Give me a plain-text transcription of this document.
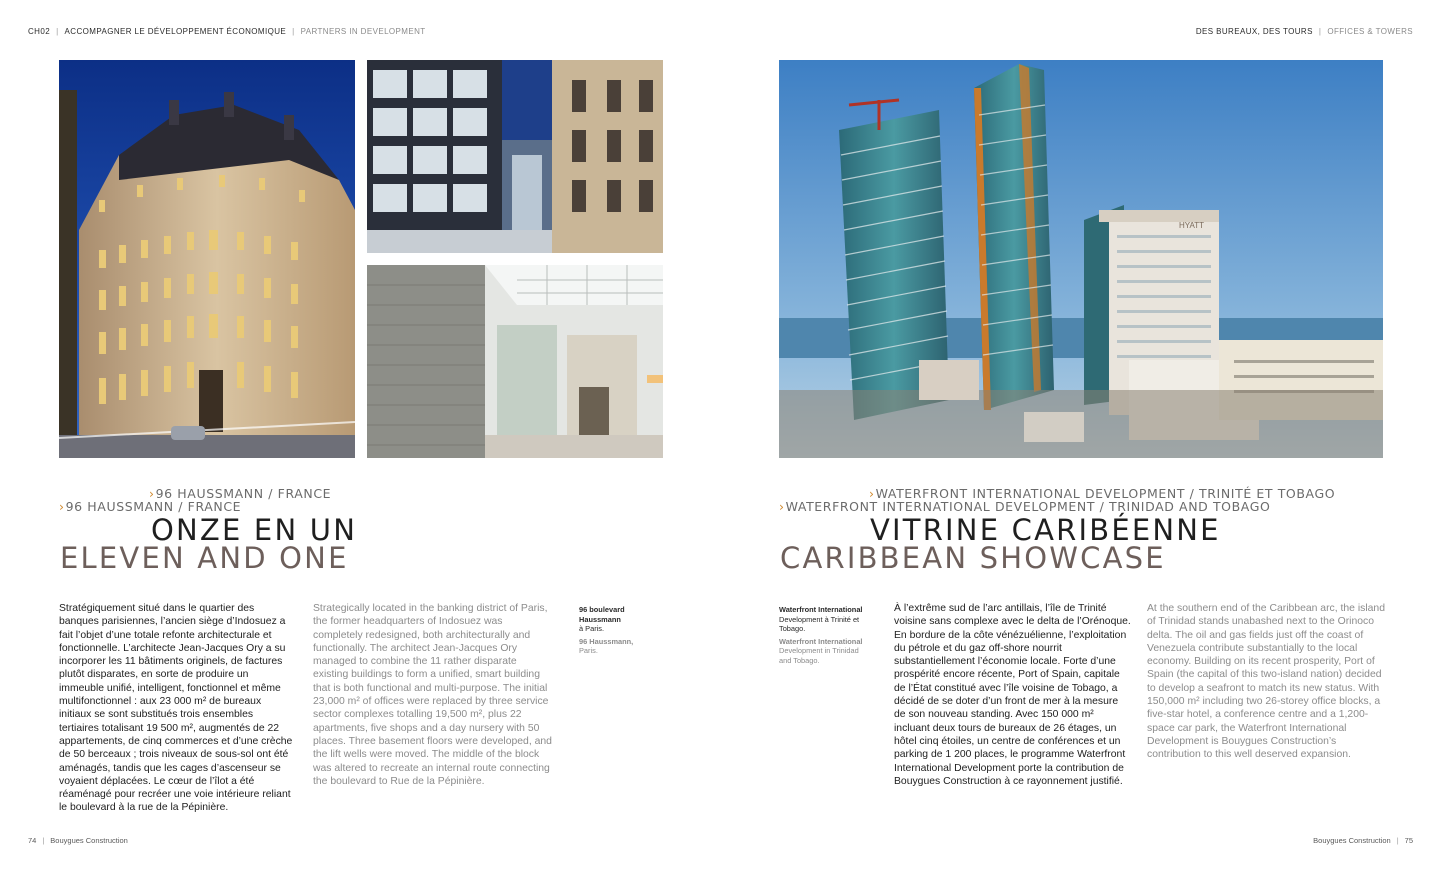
CH02 | ACCOMPAGNER LE DÉVELOPPEMENT ÉCONOMIQUE | PARTNERS IN DEVELOPMENT	DES BUREAUX, DES TOURS | OFFICES & TOWERS
HYATT
›96 HAUSSMANN / FRANCE
›96 HAUSSMANN / FRANCE
ONZE EN UN
ELEVEN AND ONE

Stratégiquement situé dans le quartier des banques parisiennes, l’ancien siège d’Indosuez a fait l’objet d’une totale refonte architecturale et fonctionnelle. L’architecte Jean-Jacques Ory a su incorporer les 11 bâtiments originels, de factures plutôt disparates, en sorte de produire un immeuble unifié, intelligent, fonctionnel et même multifonctionnel : aux 23 000 m² de bureaux initiaux se sont substitués trois ensembles tertiaires totalisant 19 500 m², augmentés de 22 appartements, de cinq commerces et d’une crèche de 50 berceaux ; trois niveaux de sous-sol ont été aménagés, tandis que les cages d’ascenseur se voyaient déplacées. Le cœur de l’îlot a été réaménagé pour recréer une voie intérieure reliant le boulevard à la rue de la Pépinière.

Strategically located in the banking district of Paris, the former headquarters of Indosuez was completely redesigned, both architecturally and functionally. The architect Jean-Jacques Ory managed to combine the 11 rather disparate existing buildings to form a unified, smart building that is both functional and multi-purpose. The initial 23,000 m² of offices were replaced by three service sector complexes totalling 19,500 m², plus 22 apartments, five shops and a day nursery with 50 places. Three basement floors were developed, and the lift wells were moved. The middle of the block was altered to recreate an internal route connecting the boulevard to Rue de la Pépinière.

96 boulevard
Haussmann
à Paris.
96 Haussmann,
Paris.
›WATERFRONT INTERNATIONAL DEVELOPMENT / TRINITÉ ET TOBAGO
›WATERFRONT INTERNATIONAL DEVELOPMENT / TRINIDAD AND TOBAGO
VITRINE CARIBÉENNE
CARIBBEAN SHOWCASE
Waterfront International
Development à Trinité et
Tobago.
Waterfront International
Development in Trinidad
and Tobago.

À l’extrême sud de l’arc antillais, l’île de Trinité voisine sans complexe avec le delta de l’Orénoque. En bordure de la côte vénézuélienne, l’exploitation du pétrole et du gaz off-shore nourrit substantiellement l’économie locale. Forte d’une prospérité encore récente, Port of Spain, capitale de l’État constitué avec l’île voisine de Tobago, a décidé de se doter d’un front de mer à la mesure de son nouveau standing. Avec 150 000 m² incluant deux tours de bureaux de 26 étages, un hôtel cinq étoiles, un centre de conférences et un parking de 1 200 places, le programme Waterfront International Development porte la contribution de Bouygues Construction à ce rayonnement justifié.

At the southern end of the Caribbean arc, the island of Trinidad stands unabashed next to the Orinoco delta. The oil and gas fields just off the coast of Venezuela contribute substantially to the local economy. Building on its recent prosperity, Port of Spain (the capital of this two-island nation) decided to develop a seafront to match its new status. With 150,000 m² including two 26-storey office blocks, a five-star hotel, a conference centre and a 1,200-space car park, the Waterfront International Development is Bouygues Construction’s contribution to this well deserved expansion.

74 | Bouygues Construction	Bouygues Construction | 75
